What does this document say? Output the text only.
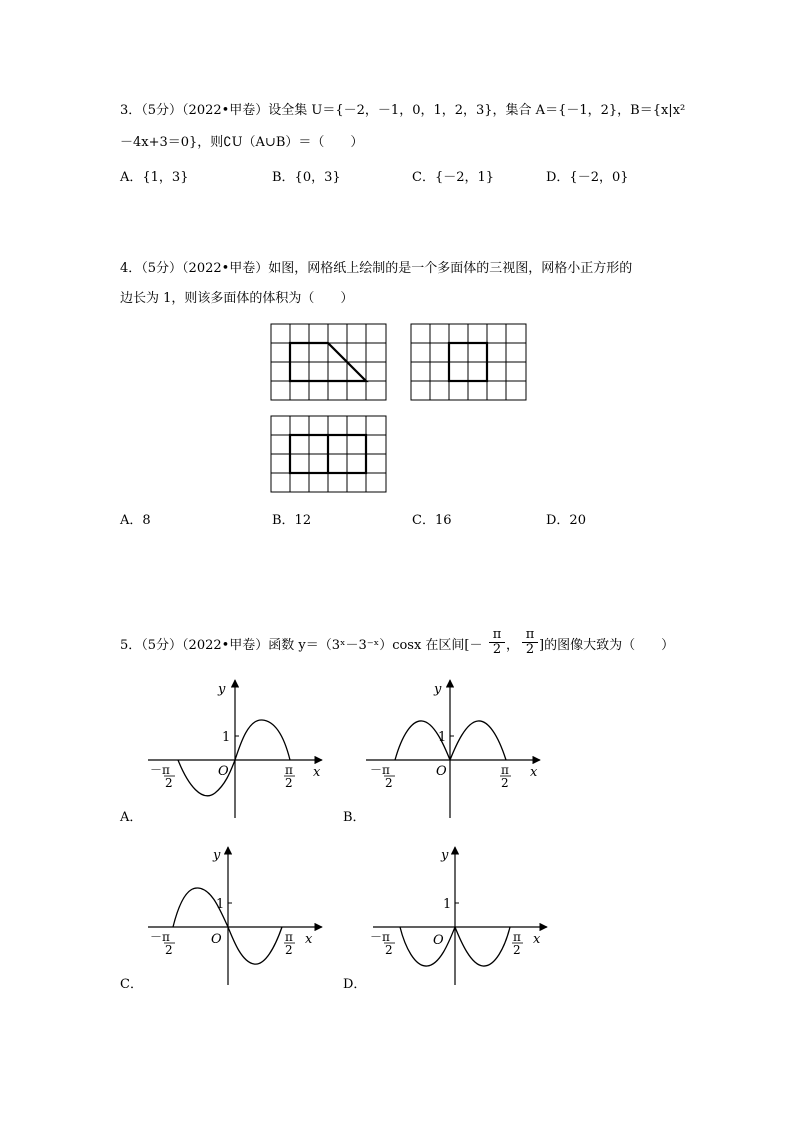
3．（5分）（2022•甲卷）设全集 U＝{－2，－1，0，1，2，3}，集合 A＝{－1，2}，B＝{x|x²
－4x+3＝0}，则∁U（A∪B）＝（　　）
A．{1，3}	B．{0，3}	C．{－2，1}	D．{－2，0}
4．（5分）（2022•甲卷）如图，网格纸上绘制的是一个多面体的三视图，网格小正方形的
边长为 1，则该多面体的体积为（　　）
A．8	B．12	C．16	D．20
5．（5分）（2022•甲卷）函数 y＝（3ˣ－3⁻ˣ）cosx 在区间[－ $\frac{\pi}{2}$ ， $\frac{\pi}{2}$ ]的图像大致为（　　）
y
x
O
1
－π
2
π
2
A．
y
x
O
1
－π
2
π
2
B．
y
x
O
1
－π
2
π
2
C．
y
x
O
1
－π
2
π
2
D．
